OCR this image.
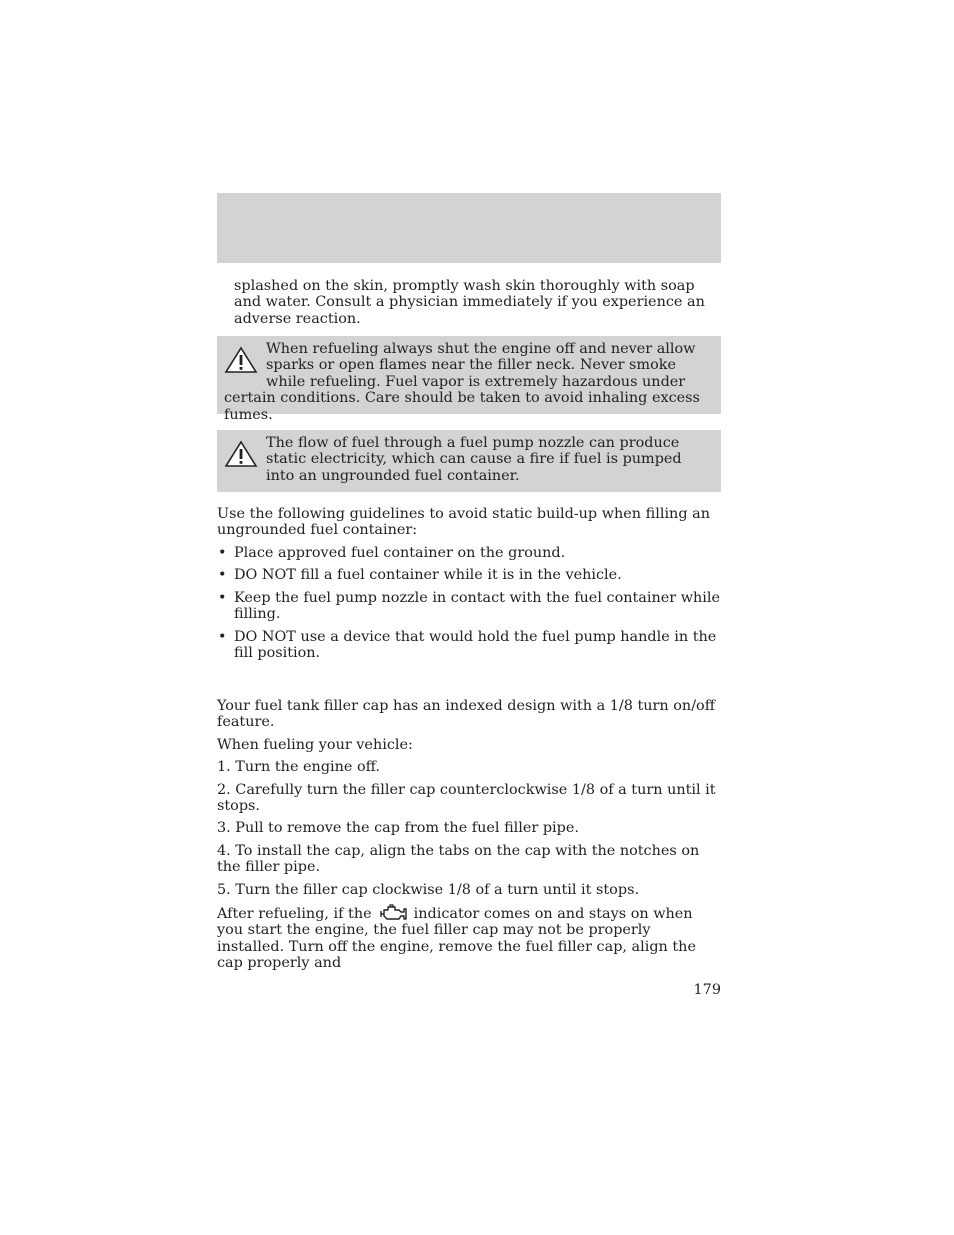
splashed on the skin, promptly wash skin thoroughly with soap and water. Consult a physician immediately if you experience an adverse reaction.

When refueling always shut the engine off and never allow sparks or open flames near the filler neck. Never smoke while refueling. Fuel vapor is extremely hazardous under certain conditions. Care should be taken to avoid inhaling excess fumes.

The flow of fuel through a fuel pump nozzle can produce static electricity, which can cause a fire if fuel is pumped into an ungrounded fuel container.

Use the following guidelines to avoid static build-up when filling an ungrounded fuel container:

• Place approved fuel container on the ground.
• DO NOT fill a fuel container while it is in the vehicle.
• Keep the fuel pump nozzle in contact with the fuel container while filling.
• DO NOT use a device that would hold the fuel pump handle in the fill position.

Your fuel tank filler cap has an indexed design with a 1/8 turn on/off feature.

When fueling your vehicle:

1. Turn the engine off.

2. Carefully turn the filler cap counterclockwise 1/8 of a turn until it stops.

3. Pull to remove the cap from the fuel filler pipe.

4. To install the cap, align the tabs on the cap with the notches on the filler pipe.

5. Turn the filler cap clockwise 1/8 of a turn until it stops.

After refueling, if the	indicator comes on and stays on when you start the engine, the fuel filler cap may not be properly installed. Turn off the engine, remove the fuel filler cap, align the cap properly and

179
